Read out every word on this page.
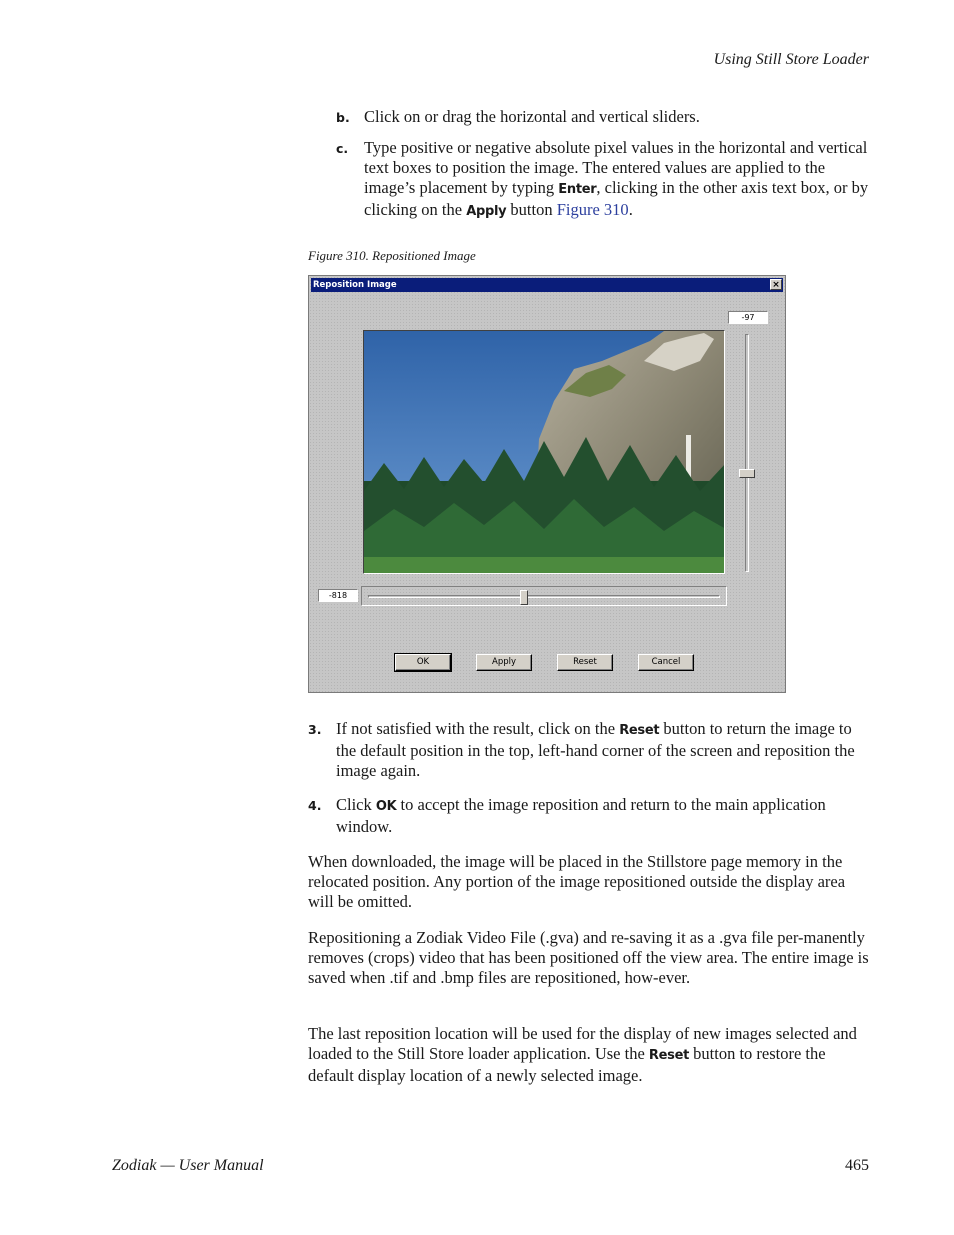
Using Still Store Loader
b. Click on or drag the horizontal and vertical sliders.
c. Type positive or negative absolute pixel values in the horizontal and vertical text boxes to position the image. The entered values are applied to the image’s placement by typing Enter, clicking in the other axis text box, or by clicking on the Apply button Figure 310.
Figure 310. Repositioned Image
Reposition Image	×
-97
-818
OK	Apply	Reset	Cancel
3. If not satisfied with the result, click on the Reset button to return the image to the default position in the top, left-hand corner of the screen and reposition the image again.
4. Click OK to accept the image reposition and return to the main application window.
When downloaded, the image will be placed in the Stillstore page memory in the relocated position. Any portion of the image repositioned outside the display area will be omitted.
Repositioning a Zodiak Video File (.gva) and re-saving it as a .gva file per-manently removes (crops) video that has been positioned off the view area. The entire image is saved when .tif and .bmp files are repositioned, how-ever.
The last reposition location will be used for the display of new images selected and loaded to the Still Store loader application. Use the Reset button to restore the default display location of a newly selected image.
Zodiak — User Manual	465
